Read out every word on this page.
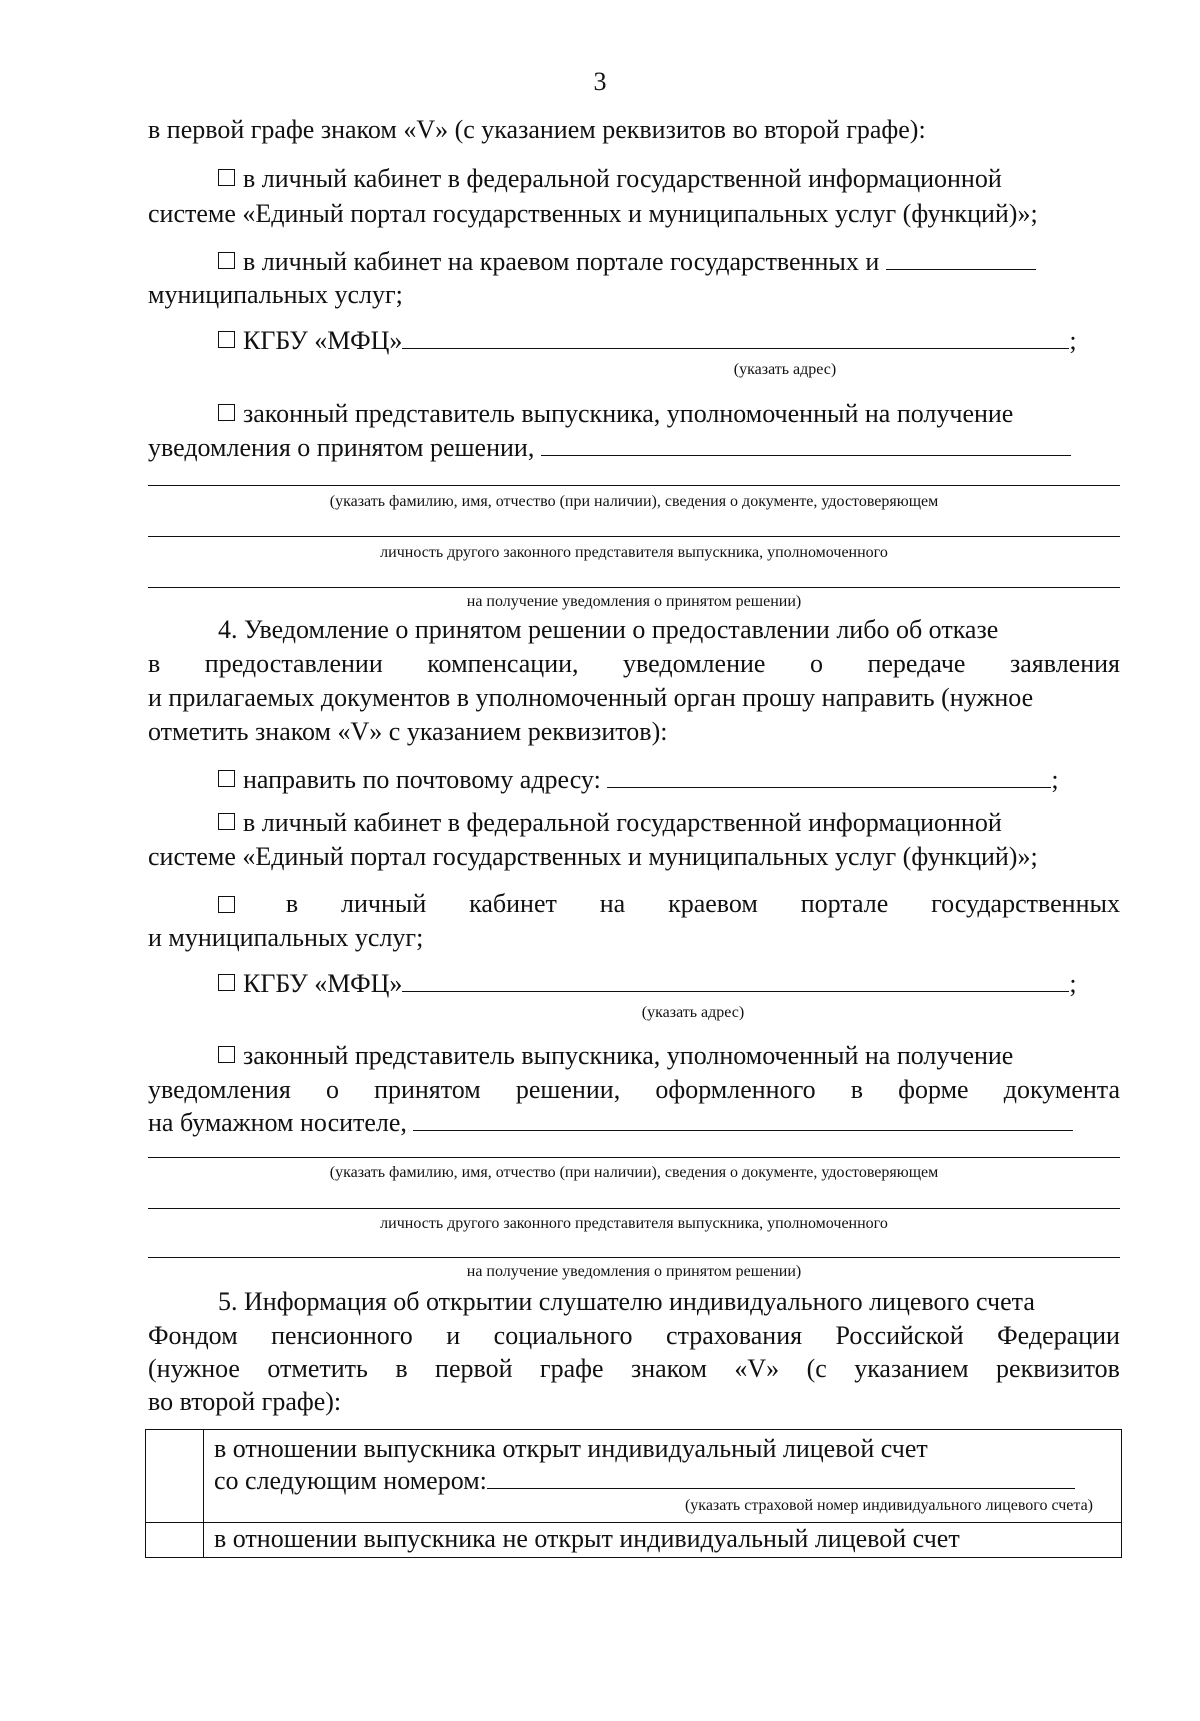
3
в первой графе знаком «V» (с указанием реквизитов во второй графе):
в личный кабинет в федеральной государственной информационной
системе «Единый портал государственных и муниципальных услуг (функций)»;
в личный кабинет на краевом портале государственных и
муниципальных услуг;
КГБУ «МФЦ»	;
(указать адрес)
законный представитель выпускника, уполномоченный на получение
уведомления о принятом решении,
(указать фамилию, имя, отчество (при наличии), сведения о документе, удостоверяющем
личность другого законного представителя выпускника, уполномоченного
на получение уведомления о принятом решении)
4. Уведомление о принятом решении о предоставлении либо об отказе
в предоставлении компенсации, уведомление о передаче заявления
и прилагаемых документов в уполномоченный орган прошу направить (нужное
отметить знаком «V» с указанием реквизитов):
направить по почтовому адресу:	;
в личный кабинет в федеральной государственной информационной
системе «Единый портал государственных и муниципальных услуг (функций)»;
в личный кабинет на краевом портале государственных
и муниципальных услуг;
КГБУ «МФЦ»	;
(указать адрес)
законный представитель выпускника, уполномоченный на получение
уведомления о принятом решении, оформленного в форме документа
на бумажном носителе,
(указать фамилию, имя, отчество (при наличии), сведения о документе, удостоверяющем
личность другого законного представителя выпускника, уполномоченного
на получение уведомления о принятом решении)
5. Информация об открытии слушателю индивидуального лицевого счета
Фондом пенсионного и социального страхования Российской Федерации
(нужное отметить в первой графе знаком «V» (с указанием реквизитов
во второй графе):

	в отношении выпускника открыт индивидуальный лицевой счет
со следующим номером:
(указать страховой номер индивидуального лицевого счета)

	в отношении выпускника не открыт индивидуальный лицевой счет
